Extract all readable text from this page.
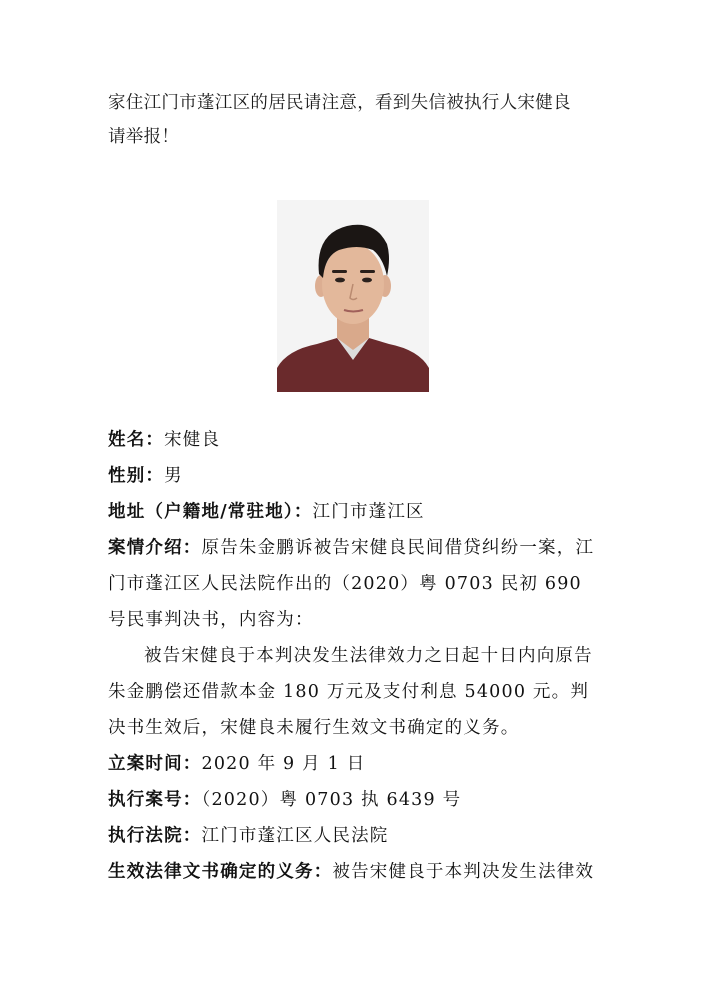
家住江门市蓬江区的居民请注意，看到失信被执行人宋健良
请举报！
姓名：宋健良
性别：男
地址（户籍地/常驻地）：江门市蓬江区
案情介绍：原告朱金鹏诉被告宋健良民间借贷纠纷一案，江门市蓬江区人民法院作出的（2020）粤 0703 民初 690 号民事判决书，内容为：
被告宋健良于本判决发生法律效力之日起十日内向原告朱金鹏偿还借款本金 180 万元及支付利息 54000 元。判决书生效后，宋健良未履行生效文书确定的义务。
立案时间：2020 年 9 月 1 日
执行案号：（2020）粤 0703 执 6439 号
执行法院：江门市蓬江区人民法院
生效法律文书确定的义务：被告宋健良于本判决发生法律效
